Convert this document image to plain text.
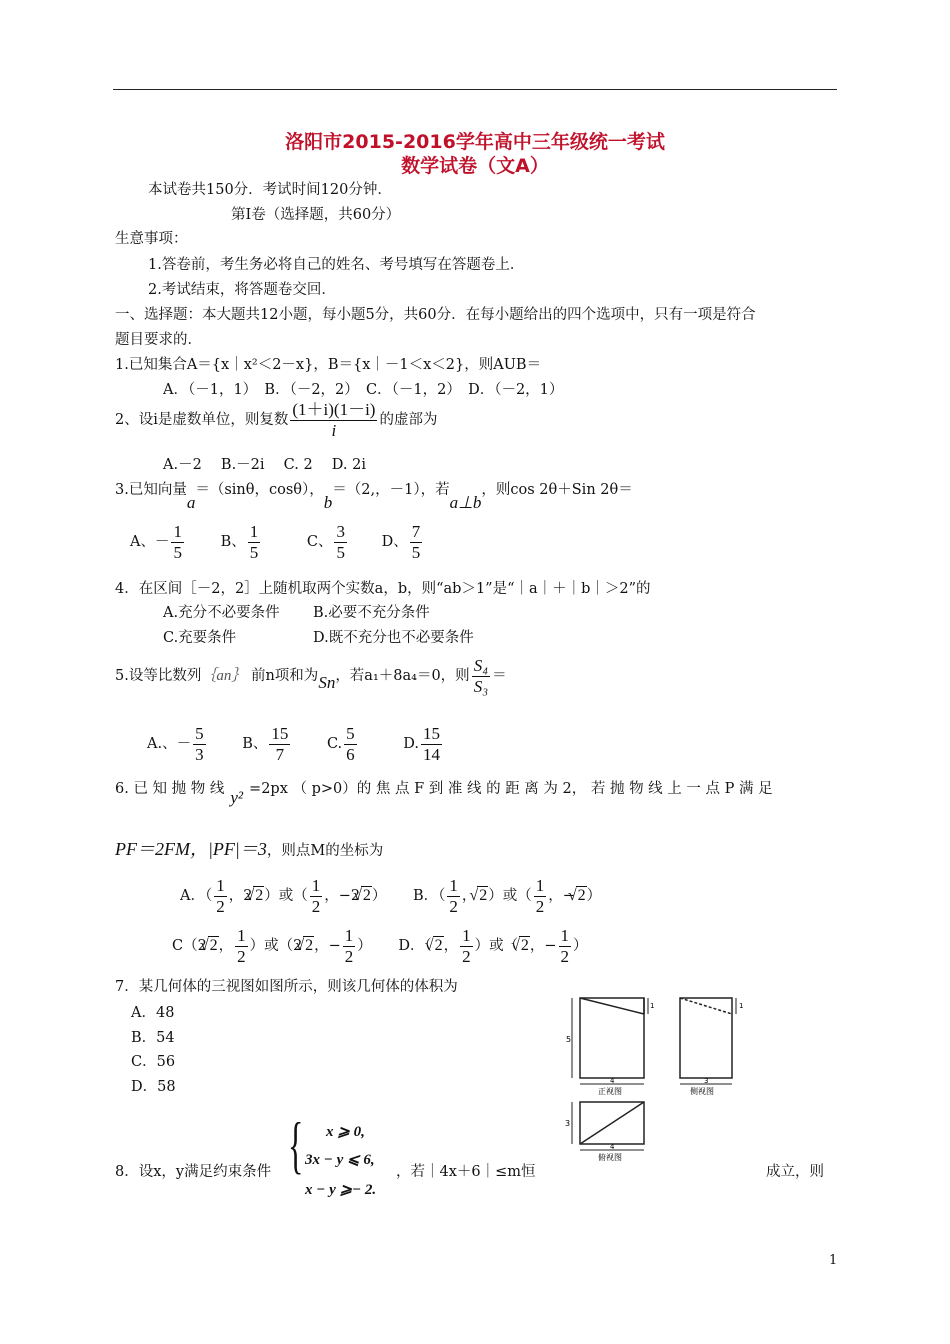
洛阳市2015-2016学年高中三年级统一考试
数学试卷（文A）
本试卷共150分．考试时间120分钟．
第Ⅰ卷（选择题，共60分）
生意事项：
1.答卷前，考生务必将自己的姓名、考号填写在答题卷上．
2.考试结束，将答题卷交回．
一、选择题：本大题共12小题，每小题5分，共60分．在每小题给出的四个选项中，只有一项是符合
题目要求的．
1.已知集合A＝{x｜x²＜2－x}，B＝{x｜－1＜x＜2}，则AUB＝
A．（－1，1）　B．（－2，2）　C．（－1，2）　D．（－2，1）
2、设i是虚数单位，则复数 $\frac{(1+i)(1-i)}{i}$ 的虚部为
A.－2　 B.－2i　 C. 2　 D. 2i
3.已知向量a＝（sinθ，cosθ），b＝（2,，－1），若a⊥b，则cos 2θ＋Sin 2θ＝
A、－ $\frac{1}{5}$	B、 $\frac{1}{5}$	C、 $\frac{3}{5}$ D、 $\frac{7}{5}$
4．在区间［－2，2］上随机取两个实数a，b，则“ab＞1”是“｜a｜＋｜b｜＞2”的
A.充分不必要条件 B.必要不充分条件
C.充要条件	D.既不充分也不必要条件
5.设等比数列｛an｝ 前n项和为Sn，若a₁＋8a₄＝0，则 $\frac{\text{S₄}}{\text{S₃}}$ ＝
A.、－ $\frac{5}{3}$	B、 $\frac{15}{7}$	C. $\frac{5}{6}$	D. $\frac{15}{14}$
6. 已 知 抛 物 线 y² =2px （ p>0）的 焦 点 F 到 准 线 的 距 离 为 2， 若 抛 物 线 上 一 点 P 满 足
PF＝2FM，|PF|＝3，则点M的坐标为
A．（ $\frac{1}{2}$ ，2 √ 2）或（ $\frac{1}{2}$ ，−2 √ 2） B．（ $\frac{1}{2}$ ， √ 2）或（ $\frac{1}{2}$ ，− √ 2）
C（2 √ 2， $\frac{1}{2}$ ）或（2 √ 2，− $\frac{1}{2}$ ） D．（ √ 2， $\frac{1}{2}$ ）或（ √ 2，− $\frac{1}{2}$ ）
7．某几何体的三视图如图所示，则该几何体的体积为
A．48
B．54
C．56
D．58
5
4
1
正视图
3
1
侧视图
3
4
俯视图
8．设x，y满足约束条件 { x ⩾ 0,
3x − y ⩽ 6,
x − y ⩾− 2.
，若｜4x＋6｜≤m恒	成立，则
1
